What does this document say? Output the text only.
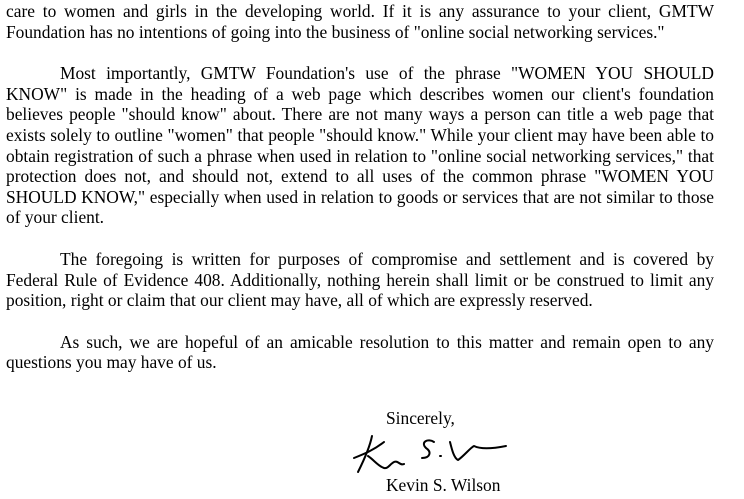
care to women and girls in the developing world. If it is any assurance to your client, GMTW Foundation has no intentions of going into the business of "online social networking services."

Most importantly, GMTW Foundation's use of the phrase "WOMEN YOU SHOULD KNOW" is made in the heading of a web page which describes women our client's foundation believes people "should know" about. There are not many ways a person can title a web page that exists solely to outline "women" that people "should know." While your client may have been able to obtain registration of such a phrase when used in relation to "online social networking services," that protection does not, and should not, extend to all uses of the common phrase "WOMEN YOU SHOULD KNOW," especially when used in relation to goods or services that are not similar to those of your client.

The foregoing is written for purposes of compromise and settlement and is covered by Federal Rule of Evidence 408. Additionally, nothing herein shall limit or be construed to limit any position, right or claim that our client may have, all of which are expressly reserved.

As such, we are hopeful of an amicable resolution to this matter and remain open to any questions you may have of us.

Sincerely,
Kevin S. Wilson
